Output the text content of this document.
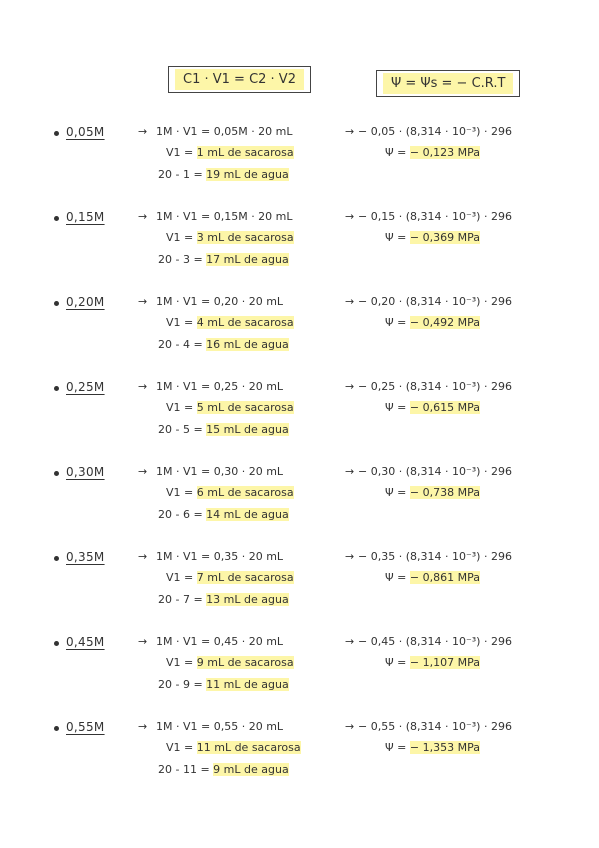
C1 · V1 = C2 · V2	Ψ = Ψs = − C.R.T
0,05M	→ 1M · V1 = 0,05M · 20 mL
V1 = 1 mL de sacarosa
20 - 1 = 19 mL de agua
→ − 0,05 · (8,314 · 10⁻³) · 296
Ψ = − 0,123 MPa
0,15M	→ 1M · V1 = 0,15M · 20 mL
V1 = 3 mL de sacarosa
20 - 3 = 17 mL de agua
→ − 0,15 · (8,314 · 10⁻³) · 296
Ψ = − 0,369 MPa
0,20M	→ 1M · V1 = 0,20 · 20 mL
V1 = 4 mL de sacarosa
20 - 4 = 16 mL de agua
→ − 0,20 · (8,314 · 10⁻³) · 296
Ψ = − 0,492 MPa
0,25M	→ 1M · V1 = 0,25 · 20 mL
V1 = 5 mL de sacarosa
20 - 5 = 15 mL de agua
→ − 0,25 · (8,314 · 10⁻³) · 296
Ψ = − 0,615 MPa
0,30M	→ 1M · V1 = 0,30 · 20 mL
V1 = 6 mL de sacarosa
20 - 6 = 14 mL de agua
→ − 0,30 · (8,314 · 10⁻³) · 296
Ψ = − 0,738 MPa
0,35M	→ 1M · V1 = 0,35 · 20 mL
V1 = 7 mL de sacarosa
20 - 7 = 13 mL de agua
→ − 0,35 · (8,314 · 10⁻³) · 296
Ψ = − 0,861 MPa
0,45M	→ 1M · V1 = 0,45 · 20 mL
V1 = 9 mL de sacarosa
20 - 9 = 11 mL de agua
→ − 0,45 · (8,314 · 10⁻³) · 296
Ψ = − 1,107 MPa
0,55M	→ 1M · V1 = 0,55 · 20 mL
V1 = 11 mL de sacarosa
20 - 11 = 9 mL de agua
→ − 0,55 · (8,314 · 10⁻³) · 296
Ψ = − 1,353 MPa
